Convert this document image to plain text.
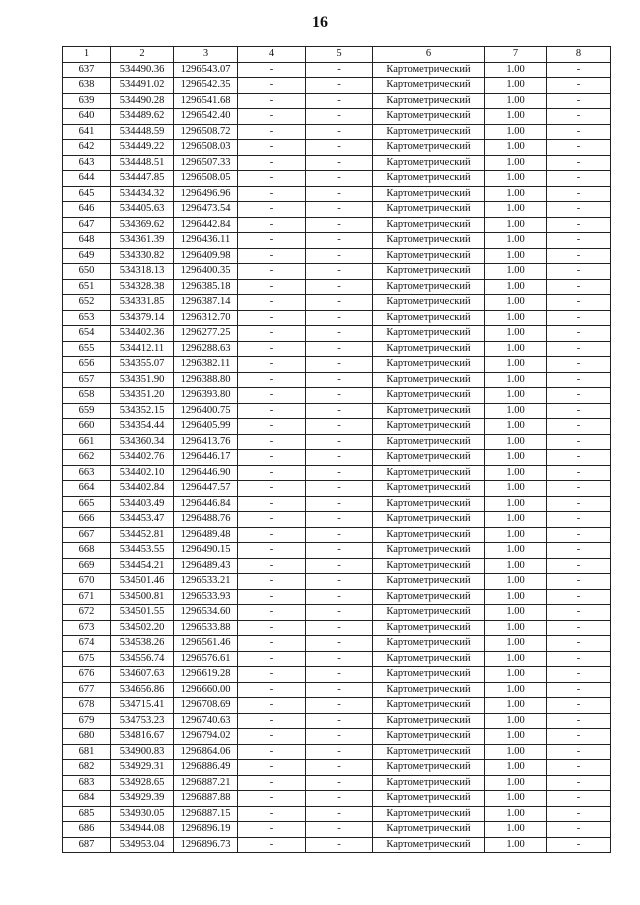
16
1	2	3	4	5	6	7	8
637	534490.36	1296543.07	-	-	Картометрический	1.00	-
638	534491.02	1296542.35	-	-	Картометрический	1.00	-
639	534490.28	1296541.68	-	-	Картометрический	1.00	-
640	534489.62	1296542.40	-	-	Картометрический	1.00	-
641	534448.59	1296508.72	-	-	Картометрический	1.00	-
642	534449.22	1296508.03	-	-	Картометрический	1.00	-
643	534448.51	1296507.33	-	-	Картометрический	1.00	-
644	534447.85	1296508.05	-	-	Картометрический	1.00	-
645	534434.32	1296496.96	-	-	Картометрический	1.00	-
646	534405.63	1296473.54	-	-	Картометрический	1.00	-
647	534369.62	1296442.84	-	-	Картометрический	1.00	-
648	534361.39	1296436.11	-	-	Картометрический	1.00	-
649	534330.82	1296409.98	-	-	Картометрический	1.00	-
650	534318.13	1296400.35	-	-	Картометрический	1.00	-
651	534328.38	1296385.18	-	-	Картометрический	1.00	-
652	534331.85	1296387.14	-	-	Картометрический	1.00	-
653	534379.14	1296312.70	-	-	Картометрический	1.00	-
654	534402.36	1296277.25	-	-	Картометрический	1.00	-
655	534412.11	1296288.63	-	-	Картометрический	1.00	-
656	534355.07	1296382.11	-	-	Картометрический	1.00	-
657	534351.90	1296388.80	-	-	Картометрический	1.00	-
658	534351.20	1296393.80	-	-	Картометрический	1.00	-
659	534352.15	1296400.75	-	-	Картометрический	1.00	-
660	534354.44	1296405.99	-	-	Картометрический	1.00	-
661	534360.34	1296413.76	-	-	Картометрический	1.00	-
662	534402.76	1296446.17	-	-	Картометрический	1.00	-
663	534402.10	1296446.90	-	-	Картометрический	1.00	-
664	534402.84	1296447.57	-	-	Картометрический	1.00	-
665	534403.49	1296446.84	-	-	Картометрический	1.00	-
666	534453.47	1296488.76	-	-	Картометрический	1.00	-
667	534452.81	1296489.48	-	-	Картометрический	1.00	-
668	534453.55	1296490.15	-	-	Картометрический	1.00	-
669	534454.21	1296489.43	-	-	Картометрический	1.00	-
670	534501.46	1296533.21	-	-	Картометрический	1.00	-
671	534500.81	1296533.93	-	-	Картометрический	1.00	-
672	534501.55	1296534.60	-	-	Картометрический	1.00	-
673	534502.20	1296533.88	-	-	Картометрический	1.00	-
674	534538.26	1296561.46	-	-	Картометрический	1.00	-
675	534556.74	1296576.61	-	-	Картометрический	1.00	-
676	534607.63	1296619.28	-	-	Картометрический	1.00	-
677	534656.86	1296660.00	-	-	Картометрический	1.00	-
678	534715.41	1296708.69	-	-	Картометрический	1.00	-
679	534753.23	1296740.63	-	-	Картометрический	1.00	-
680	534816.67	1296794.02	-	-	Картометрический	1.00	-
681	534900.83	1296864.06	-	-	Картометрический	1.00	-
682	534929.31	1296886.49	-	-	Картометрический	1.00	-
683	534928.65	1296887.21	-	-	Картометрический	1.00	-
684	534929.39	1296887.88	-	-	Картометрический	1.00	-
685	534930.05	1296887.15	-	-	Картометрический	1.00	-
686	534944.08	1296896.19	-	-	Картометрический	1.00	-
687	534953.04	1296896.73	-	-	Картометрический	1.00	-
